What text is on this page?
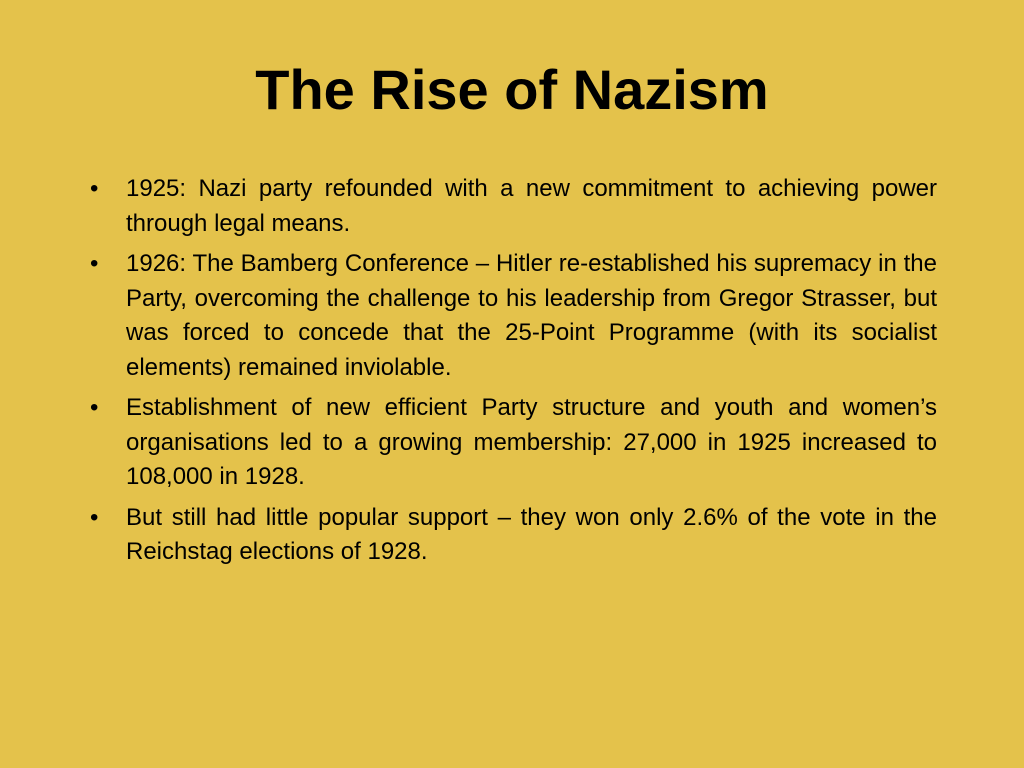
The Rise of Nazism
•	1925: Nazi party refounded with a new commitment to achieving power through legal means.
•	1926: The Bamberg Conference – Hitler re-established his supremacy in the Party, overcoming the challenge to his leadership from Gregor Strasser, but was forced to concede that the 25-Point Programme (with its socialist elements) remained inviolable.
•	Establishment of new efficient Party structure and youth and women’s organisations led to a growing membership: 27,000 in 1925 increased to 108,000 in 1928.
•	But still had little popular support – they won only 2.6% of the vote in the Reichstag elections of 1928.
